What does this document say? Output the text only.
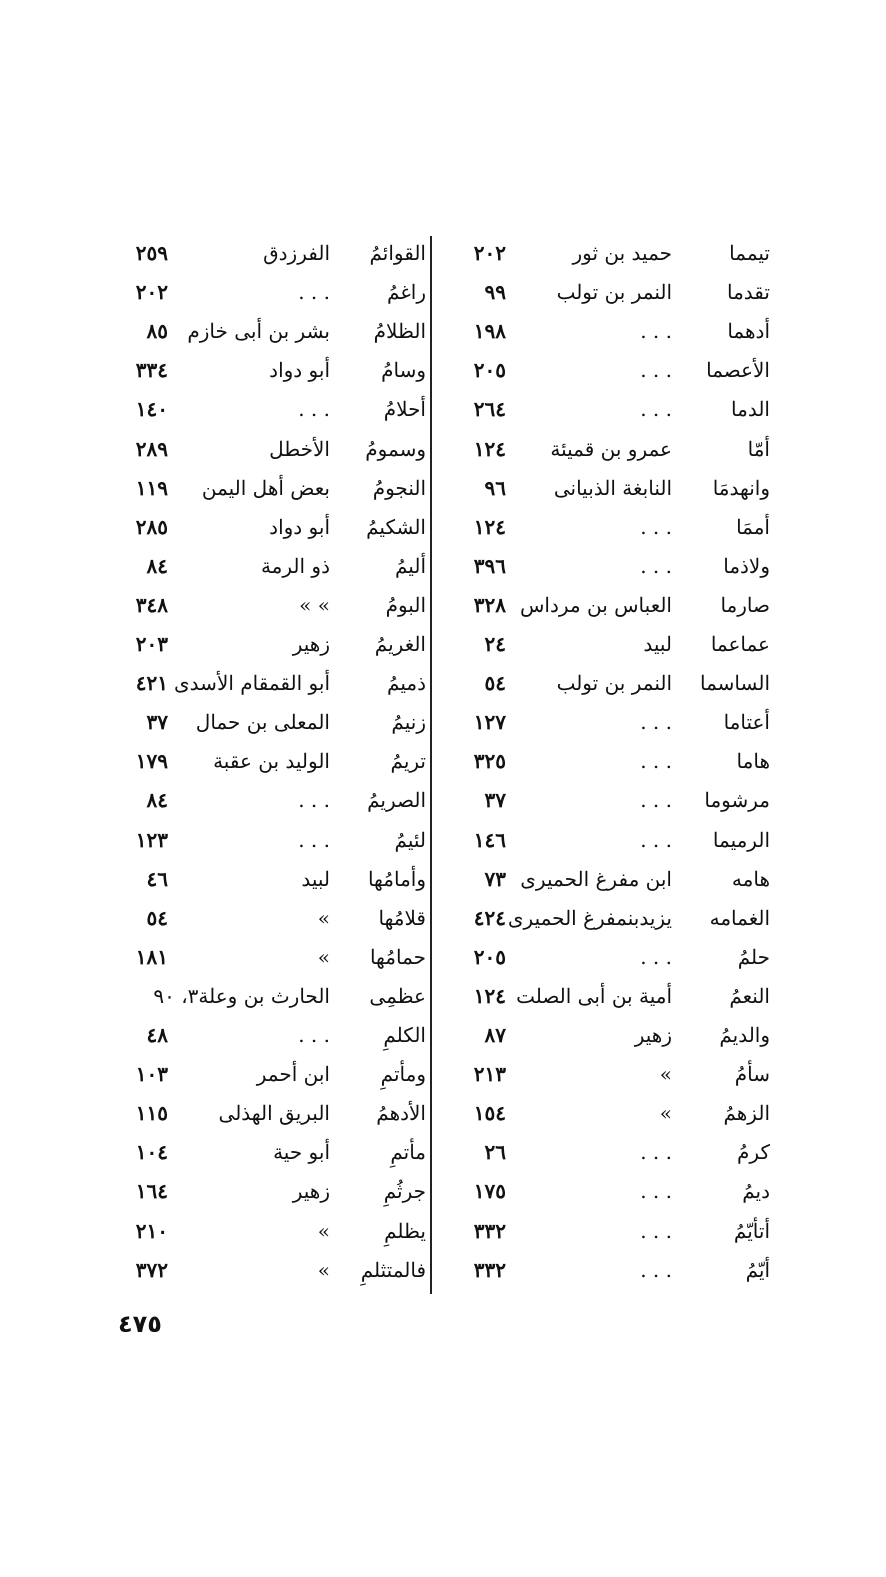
تيمما
حميد بن ثور
٢٠٢
تقدما
النمر بن تولب
٩٩
أدهما
. . .
١٩٨
الأعصما
. . .
٢٠٥
الدما
. . .
٢٦٤
أمّا
عمرو بن قميئة
١٢٤
وانهدمَا
النابغة الذبيانى
٩٦
أممَا
. . .
١٢٤
ولاذما
. . .
٣٩٦
صارما
العباس بن مرداس
٣٢٨
عماعما
لبيد
٢٤
الساسما
النمر بن تولب
٥٤
أعتاما
. . .
١٢٧
هاما
. . .
٣٢٥
مرشوما
. . .
٣٧
الرميما
. . .
١٤٦
هامه
ابن مفرغ الحميرى
٧٣
الغمامه
يزيدبنمفرغ الحميرى
٤٢٤
حلمُ
. . .
٢٠٥
النعمُ
أمية بن أبى الصلت
١٢٤
والديمُ
زهير
٨٧
سأمُ
»
٢١٣
الزهمُ
»
١٥٤
كرمُ
. . .
٢٦
ديمُ
. . .
١٧٥
أتأيّمُ
. . .
٣٣٢
أيّمُ
. . .
٣٣٢
القوائمُ
الفرزدق
٢٥٩
راغمُ
. . .
٢٠٢
الظلامُ
بشر بن أبى خازم
٨٥
وسامُ
أبو دواد
٣٣٤
أحلامُ
. . .
١٤٠
وسمومُ
الأخطل
٢٨٩
النجومُ
بعض أهل اليمن
١١٩
الشكيمُ
أبو دواد
٢٨٥
أليمُ
ذو الرمة
٨٤
البومُ
» »
٣٤٨
الغريمُ
زهير
٢٠٣
ذميمُ
أبو القمقام الأسدى
٤٢١
زنيمُ
المعلى بن حمال
٣٧
تريمُ
الوليد بن عقبة
١٧٩
الصريمُ
. . .
٨٤
لئيمُ
. . .
١٢٣
وأمامُها
لبيد
٤٦
قلامُها
»
٥٤
حمامُها
»
١٨١
عظمِى
الحارث بن وعلة٣، ٩٠
الكلمِ
. . .
٤٨
ومأتمِ
ابن أحمر
١٠٣
الأدهمُ
البريق الهذلى
١١٥
مأتمِ
أبو حية
١٠٤
جرثُمِ
زهير
١٦٤
يظلمِ
»
٢١٠
فالمتثلمِ
»
٣٧٢
٤٧٥
